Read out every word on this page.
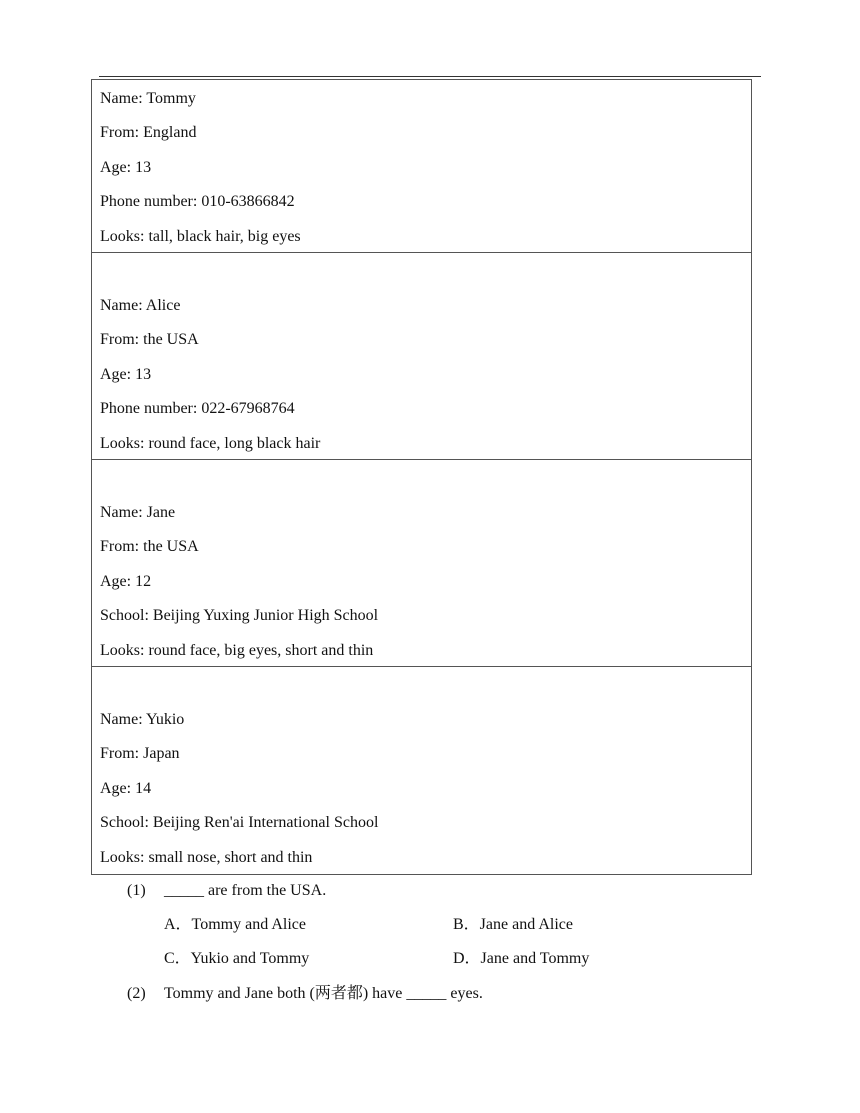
Name: Tommy
From: England
Age: 13
Phone number: 010-63866842
Looks: tall, black hair, big eyes
Name: Alice
From: the USA
Age: 13
Phone number: 022-67968764
Looks: round face, long black hair
Name: Jane
From: the USA
Age: 12
School: Beijing Yuxing Junior High School
Looks: round face, big eyes, short and thin
Name: Yukio
From: Japan
Age: 14
School: Beijing Ren'ai International School
Looks: small nose, short and thin
(1) _____ are from the USA.
A．Tommy and Alice	B．Jane and Alice
C．Yukio and Tommy	D．Jane and Tommy
(2) Tommy and Jane both (两者都) have _____ eyes.
